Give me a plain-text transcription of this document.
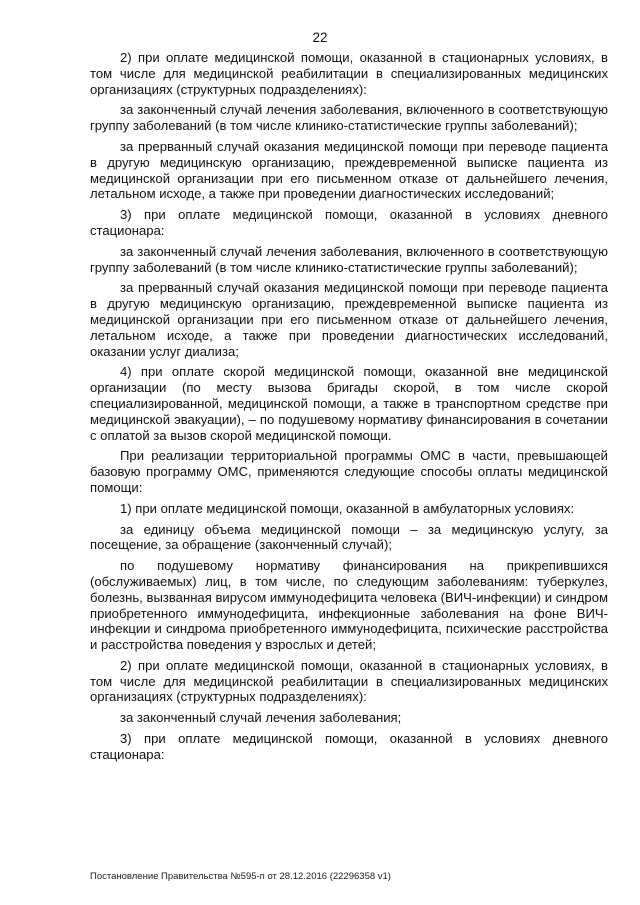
22

2) при оплате медицинской помощи, оказанной в стационарных условиях, в том числе для медицинской реабилитации в специализированных медицинских организациях (структурных подразделениях):

за законченный случай лечения заболевания, включенного в соответствующую группу заболеваний (в том числе клинико-статистические группы заболеваний);

за прерванный случай оказания медицинской помощи при переводе пациента в другую медицинскую организацию, преждевременной выписке пациента из медицинской организации при его письменном отказе от дальнейшего лечения, летальном исходе, а также при проведении диагностических исследований;

3) при оплате медицинской помощи, оказанной в условиях дневного стационара:

за законченный случай лечения заболевания, включенного в соответствующую группу заболеваний (в том числе клинико-статистические группы заболеваний);

за прерванный случай оказания медицинской помощи при переводе пациента в другую медицинскую организацию, преждевременной выписке пациента из медицинской организации при его письменном отказе от дальнейшего лечения, летальном исходе, а также при проведении диагностических исследований, оказании услуг диализа;

4) при оплате скорой медицинской помощи, оказанной вне медицинской организации (по месту вызова бригады скорой, в том числе скорой специализированной, медицинской помощи, а также в транспортном средстве при медицинской эвакуации), – по подушевому нормативу финансирования в сочетании с оплатой за вызов скорой медицинской помощи.

При реализации территориальной программы ОМС в части, превышающей базовую программу ОМС, применяются следующие способы оплаты медицинской помощи:

1) при оплате медицинской помощи, оказанной в амбулаторных условиях:

за единицу объема медицинской помощи – за медицинскую услугу, за посещение, за обращение (законченный случай);

по подушевому нормативу финансирования на прикрепившихся (обслуживаемых) лиц, в том числе, по следующим заболеваниям: туберкулез, болезнь, вызванная вирусом иммунодефицита человека (ВИЧ-инфекции) и синдром приобретенного иммунодефицита, инфекционные заболевания на фоне ВИЧ-инфекции и синдрома приобретенного иммунодефицита, психические расстройства и расстройства поведения у взрослых и детей;

2) при оплате медицинской помощи, оказанной в стационарных условиях, в том числе для медицинской реабилитации в специализированных медицинских организациях (структурных подразделениях):

за законченный случай лечения заболевания;

3) при оплате медицинской помощи, оказанной в условиях дневного стационара:

Постановление Правительства №595-п от 28.12.2016 (22296358 v1)
